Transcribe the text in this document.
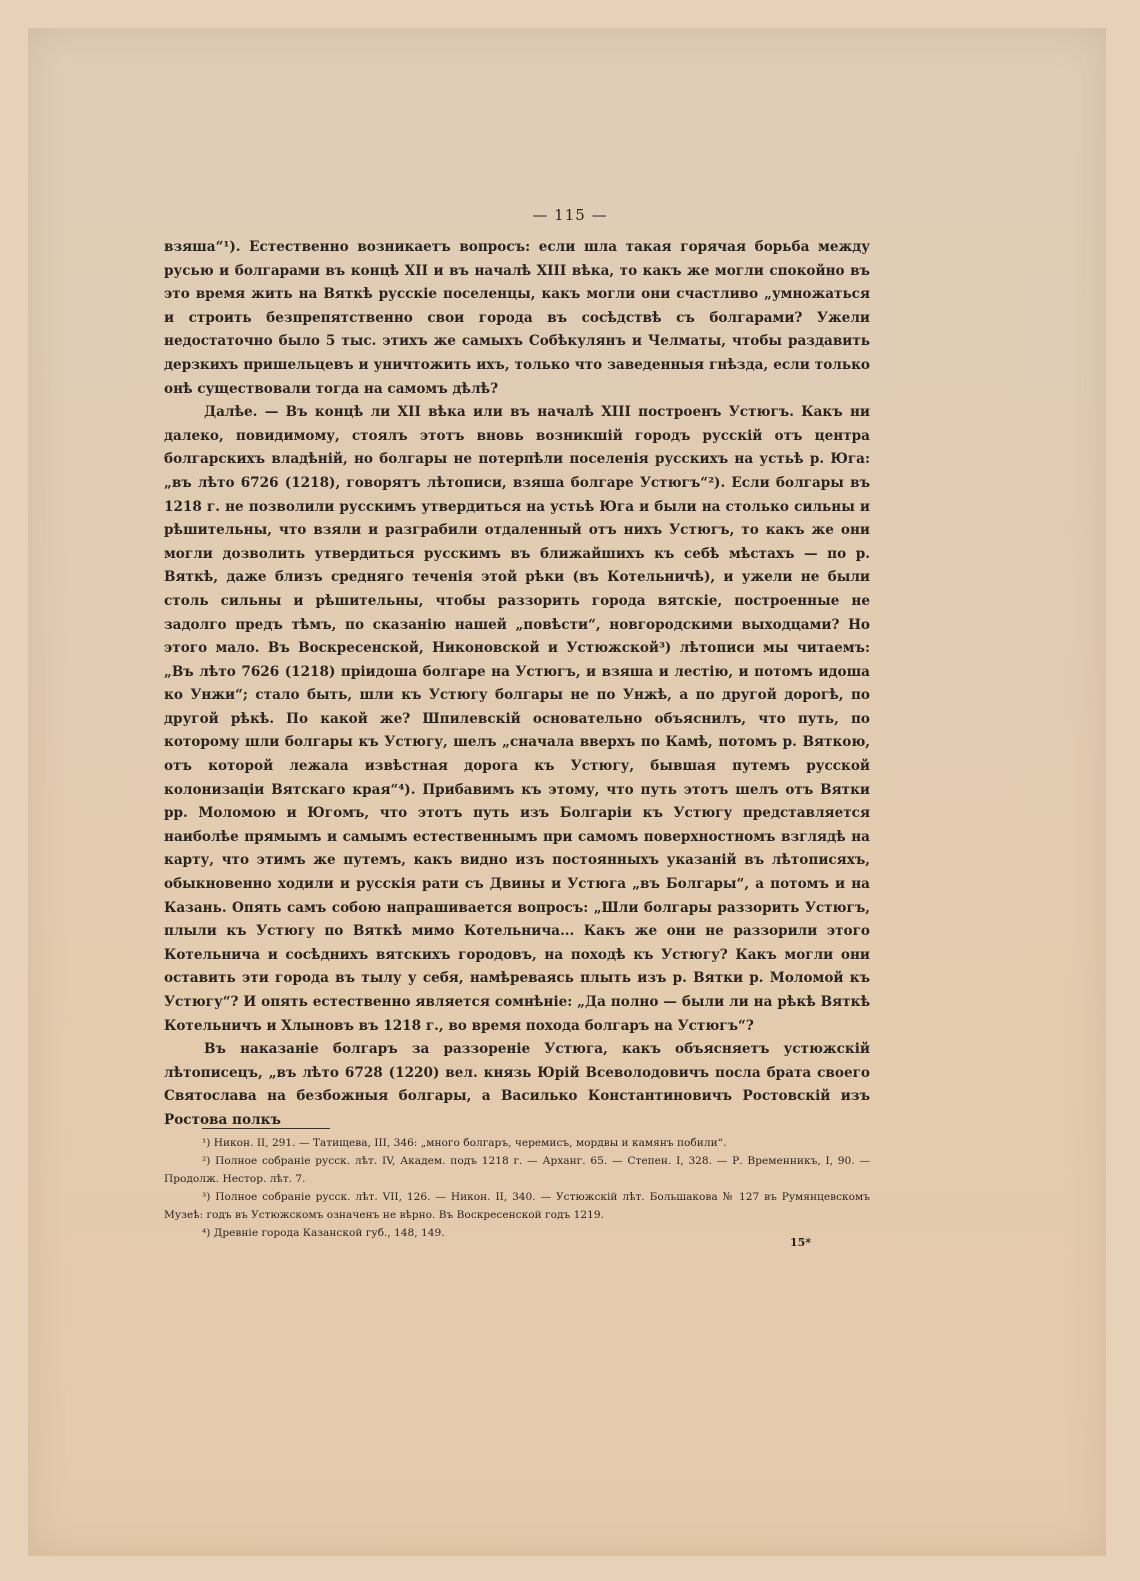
— 115 —

взяша“¹). Естественно возникаетъ вопросъ: если шла такая горячая борьба между русью и болгарами въ концѣ XII и въ началѣ XIII вѣка, то какъ же могли спокойно въ это время жить на Вяткѣ русскіе поселенцы, какъ могли они счастливо „умножаться и строить безпрепятственно свои города въ сосѣдствѣ съ болгарами? Ужели недостаточно было 5 тыс. этихъ же самыхъ Собѣкулянъ и Челматы, чтобы раздавить дерзкихъ пришельцевъ и уничтожить ихъ, только что заведенныя гнѣзда, если только онѣ существовали тогда на самомъ дѣлѣ?

Далѣе. — Въ концѣ ли XII вѣка или въ началѣ XIII построенъ Устюгъ. Какъ ни далеко, повидимому, стоялъ этотъ вновь возникшій городъ русскій отъ центра болгарскихъ владѣній, но болгары не потерпѣли поселенія русскихъ на устьѣ р. Юга: „въ лѣто 6726 (1218), говорятъ лѣтописи, взяша болгаре Устюгъ“²). Если болгары въ 1218 г. не позволили русскимъ утвердиться на устьѣ Юга и были на столько сильны и рѣшительны, что взяли и разграбили отдаленный отъ нихъ Устюгъ, то какъ же они могли дозволить утвердиться русскимъ въ ближайшихъ къ себѣ мѣстахъ — по р. Вяткѣ, даже близъ средняго теченія этой рѣки (въ Котельничѣ), и ужели не были столь сильны и рѣшительны, чтобы раззорить города вятскіе, построенные не задолго предъ тѣмъ, по сказанію нашей „повѣсти“, новгородскими выходцами? Но этого мало. Въ Воскресенской, Никоновской и Устюжской³) лѣтописи мы читаемъ: „Въ лѣто 7626 (1218) пріидоша болгаре на Устюгъ, и взяша и лестію, и потомъ идоша ко Унжи“; стало быть, шли къ Устюгу болгары не по Унжѣ, а по другой дорогѣ, по другой рѣкѣ. По какой же? Шпилевскій основательно объяснилъ, что путь, по которому шли болгары къ Устюгу, шелъ „сначала вверхъ по Камѣ, потомъ р. Вяткою, отъ которой лежала извѣстная дорога къ Устюгу, бывшая путемъ русской колонизаціи Вятскаго края“⁴). Прибавимъ къ этому, что путь этотъ шелъ отъ Вятки рр. Моломою и Югомъ, что этотъ путь изъ Болгаріи къ Устюгу представляется наиболѣе прямымъ и самымъ естественнымъ при самомъ поверхностномъ взглядѣ на карту, что этимъ же путемъ, какъ видно изъ постоянныхъ указаній въ лѣтописяхъ, обыкновенно ходили и русскія рати съ Двины и Устюга „въ Болгары“, а потомъ и на Казань. Опять самъ собою напрашивается вопросъ: „Шли болгары раззорить Устюгъ, плыли къ Устюгу по Вяткѣ мимо Котельнича... Какъ же они не раззорили этого Котельнича и сосѣднихъ вятскихъ городовъ, на походѣ къ Устюгу? Какъ могли они оставить эти города въ тылу у себя, намѣреваясь плыть изъ р. Вятки р. Моломой къ Устюгу“? И опять естественно является сомнѣніе: „Да полно — были ли на рѣкѣ Вяткѣ Котельничъ и Хлыновъ въ 1218 г., во время похода болгаръ на Устюгъ“?

Въ наказаніе болгаръ за раззореніе Устюга, какъ объясняетъ устюжскій лѣтописецъ, „въ лѣто 6728 (1220) вел. князь Юрій Всеволодовичъ посла брата своего Святослава на безбожныя болгары, а Василько Константиновичъ Ростовскій изъ Ростова полкъ

¹) Никон. II, 291. — Татищева, III, 346: „много болгаръ, черемисъ, мордвы и камянъ побили“.

²) Полное собраніе русск. лѣт. IV, Академ. подъ 1218 г. — Арханг. 65. — Степен. I, 328. — Р. Временникъ, I, 90. — Продолж. Нестор. лѣт. 7.

³) Полное собраніе русск. лѣт. VII, 126. — Никон. II, 340. — Устюжскій лѣт. Большакова № 127 въ Румянцевскомъ Музеѣ: годъ въ Устюжскомъ означенъ не вѣрно. Въ Воскресенской годъ 1219.

⁴) Древніе города Казанской губ., 148, 149.

15*
